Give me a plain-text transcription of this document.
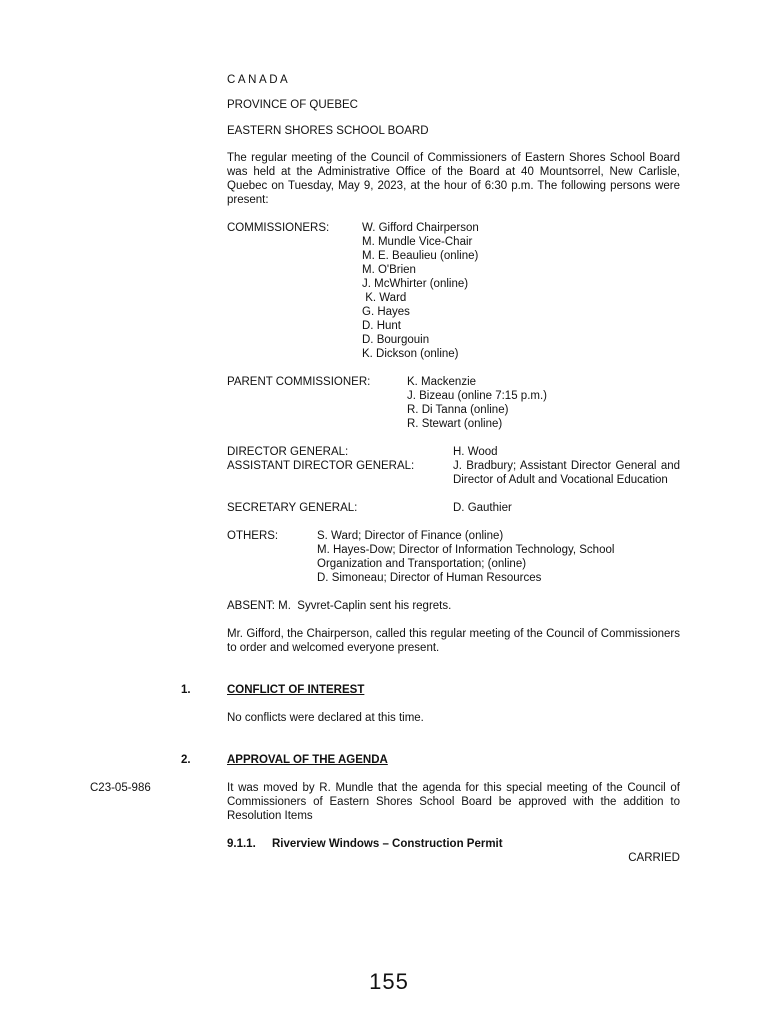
C A N A D A
PROVINCE OF QUEBEC
EASTERN SHORES SCHOOL BOARD
The regular meeting of the Council of Commissioners of Eastern Shores School Board was held at the Administrative Office of the Board at 40 Mountsorrel, New Carlisle, Quebec on Tuesday, May 9, 2023, at the hour of 6:30 p.m. The following persons were present:
COMMISSIONERS:	W. Gifford Chairperson
M. Mundle Vice-Chair
M. E. Beaulieu (online)
M. O'Brien
J. McWhirter (online)
K. Ward
G. Hayes
D. Hunt
D. Bourgouin
K. Dickson (online)
PARENT COMMISSIONER:	K. Mackenzie
J. Bizeau (online 7:15 p.m.)
R. Di Tanna (online)
R. Stewart (online)
DIRECTOR GENERAL:	H. Wood
ASSISTANT DIRECTOR GENERAL:	J. Bradbury; Assistant Director General and Director of Adult and Vocational Education
SECRETARY GENERAL:	D. Gauthier
OTHERS:	S. Ward; Director of Finance (online)
M. Hayes-Dow; Director of Information Technology, School Organization and Transportation; (online)
D. Simoneau; Director of Human Resources
ABSENT: M.  Syvret-Caplin sent his regrets.
Mr. Gifford, the Chairperson, called this regular meeting of the Council of Commissioners to order and welcomed everyone present.
1.	CONFLICT OF INTEREST
No conflicts were declared at this time.
2.	APPROVAL OF THE AGENDA
C23-05-986	It was moved by R. Mundle that the agenda for this special meeting of the Council of Commissioners of Eastern Shores School Board be approved with the addition to Resolution Items
9.1.1. Riverview Windows – Construction Permit
CARRIED
155
